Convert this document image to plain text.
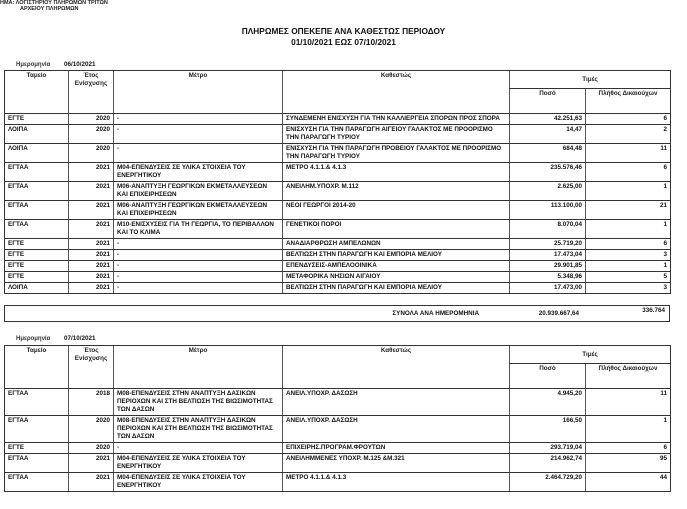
ΗΜΑ: ΛΟΓΙΣΤΗΡΙΟΥ ΠΛΗΡΩΜΩΝ ΤΡΙΤΩΝ
ΑΡΧΕΙΟΥ ΠΛΗΡΩΜΩΝ
ΠΛΗΡΩΜΕΣ ΟΠΕΚΕΠΕ ΑΝΑ ΚΑΘΕΣΤΩΣ ΠΕΡΙΟΔΟΥ
01/10/2021 ΕΩΣ 07/10/2021
Ημερομηνία 06/10/2021
Ταμείο	Έτος Ενίσχυσης	Μέτρο	Καθεστώς	Τιμές	
				Ποσό	Πλήθος Δικαιούχων
ΕΓΤΕ	2020	-	ΣΥΝΔΕΜΕΝΗ ΕΝΙΣΧΥΣΗ ΓΙΑ ΤΗΝ ΚΑΛΛΙΕΡΓΕΙΑ ΣΠΟΡΩΝ ΠΡΟΣ ΣΠΟΡΑ	42.251,63	6
ΛΟΙΠΑ	2020	-	ΕΝΙΣΧΥΣΗ ΓΙΑ ΤΗΝ ΠΑΡΑΓΩΓΗ ΑΙΓΕΙΟΥ ΓΑΛΑΚΤΟΣ ΜΕ ΠΡΟΟΡΙΣΜΟ ΤΗΝ ΠΑΡΑΓΩΓΗ ΤΥΡΙΟΥ	14,47	2
ΛΟΙΠΑ	2020	-	ΕΝΙΣΧΥΣΗ ΓΙΑ ΤΗΝ ΠΑΡΑΓΩΓΗ ΠΡΟΒΕΙΟΥ ΓΑΛΑΚΤΟΣ ΜΕ ΠΡΟΟΡΙΣΜΟ ΤΗΝ ΠΑΡΑΓΩΓΗ ΤΥΡΙΟΥ	684,48	11
ΕΓΤΑΑ	2021	Μ04-ΕΠΕΝΔΥΣΕΙΣ ΣΕ ΥΛΙΚΑ ΣΤΟΙΧΕΙΑ ΤΟΥ ΕΝΕΡΓΗΤΙΚΟΥ	ΜΕΤΡΟ 4.1.1.& 4.1.3	235.576,46	6
ΕΓΤΑΑ	2021	Μ06-ΑΝΑΠΤΥΞΗ ΓΕΩΡΓΙΚΩΝ ΕΚΜΕΤΑΛΛΕΥΣΕΩΝ ΚΑΙ ΕΠΙΧΕΙΡΗΣΕΩΝ	ΑΝΕΙΛΗΜ.ΥΠΟΧΡ. Μ.112	2.625,00	1
ΕΓΤΑΑ	2021	Μ06-ΑΝΑΠΤΥΞΗ ΓΕΩΡΓΙΚΩΝ ΕΚΜΕΤΑΛΛΕΥΣΕΩΝ ΚΑΙ ΕΠΙΧΕΙΡΗΣΕΩΝ	ΝΕΟΙ ΓΕΩΡΓΟΙ 2014-20	113.100,00	21
ΕΓΤΑΑ	2021	Μ10-ΕΝΙΣΧΥΣΕΙΣ ΓΙΑ ΤΗ ΓΕΩΡΓΙΑ, ΤΟ ΠΕΡΙΒΑΛΛΟΝ ΚΑΙ ΤΟ ΚΛΙΜΑ	ΓΕΝΕΤΙΚΟΙ ΠΟΡΟΙ	8.070,04	1
ΕΓΤΕ	2021	-	ΑΝΑΔΙΑΡΘΡΩΣΗ ΑΜΠΕΛΩΝΩΝ	25.719,20	6
ΕΓΤΕ	2021	-	ΒΕΛΤΙΩΣΗ ΣΤΗΝ ΠΑΡΑΓΩΓΗ ΚΑΙ ΕΜΠΟΡΙΑ ΜΕΛΙΟΥ	17.473,04	3
ΕΓΤΕ	2021	-	ΕΠΕΝΔΥΣΕΙΣ-ΑΜΠΕΛΟΟΙΝΙΚΑ	29.901,85	1
ΕΓΤΕ	2021	-	ΜΕΤΑΦΟΡΙΚΑ ΝΗΣΙΩΝ ΑΙΓΑΙΟΥ	5.348,96	5
ΛΟΙΠΑ	2021	-	ΒΕΛΤΙΩΣΗ ΣΤΗΝ ΠΑΡΑΓΩΓΗ ΚΑΙ ΕΜΠΟΡΙΑ ΜΕΛΙΟΥ	17.473,00	3
ΣΥΝΟΛΑ ΑΝΑ ΗΜΕΡΟΜΗΝΙΑ	20.939.667,64	336.764
Ημερομηνία 07/10/2021
Ταμείο	Έτος Ενίσχυσης	Μέτρο	Καθεστώς	Τιμές	
				Ποσό	Πλήθος Δικαιούχων
ΕΓΤΑΑ	2018	Μ08-ΕΠΕΝΔΥΣΕΙΣ ΣΤΗΝ ΑΝΑΠΤΥΞΗ ΔΑΣΙΚΩΝ ΠΕΡΙΟΧΩΝ ΚΑΙ ΣΤΗ ΒΕΛΤΙΩΣΗ ΤΗΣ ΒΙΩΣΙΜΟΤΗΤΑΣ ΤΩΝ ΔΑΣΩΝ	ΑΝΕΙΛ.ΥΠΟΧΡ. ΔΑΣΩΣΗ	4.945,20	11
ΕΓΤΑΑ	2020	Μ08-ΕΠΕΝΔΥΣΕΙΣ ΣΤΗΝ ΑΝΑΠΤΥΞΗ ΔΑΣΙΚΩΝ ΠΕΡΙΟΧΩΝ ΚΑΙ ΣΤΗ ΒΕΛΤΙΩΣΗ ΤΗΣ ΒΙΩΣΙΜΟΤΗΤΑΣ ΤΩΝ ΔΑΣΩΝ	ΑΝΕΙΛ.ΥΠΟΧΡ. ΔΑΣΩΣΗ	166,50	1
ΕΓΤΕ	2020	-	ΕΠΙΧΕΙΡΗΣ.ΠΡΟΓΡΑΜ.ΦΡΟΥΤΩΝ	293.719,04	6
ΕΓΤΑΑ	2021	Μ04-ΕΠΕΝΔΥΣΕΙΣ ΣΕ ΥΛΙΚΑ ΣΤΟΙΧΕΙΑ ΤΟΥ ΕΝΕΡΓΗΤΙΚΟΥ	ΑΝΕΙΛΗΜΜΕΝΕΣ ΥΠΟΧΡ. Μ.125 &Μ.321	214.962,74	95
ΕΓΤΑΑ	2021	Μ04-ΕΠΕΝΔΥΣΕΙΣ ΣΕ ΥΛΙΚΑ ΣΤΟΙΧΕΙΑ ΤΟΥ ΕΝΕΡΓΗΤΙΚΟΥ	ΜΕΤΡΟ 4.1.1.& 4.1.3	2.464.729,20	44
